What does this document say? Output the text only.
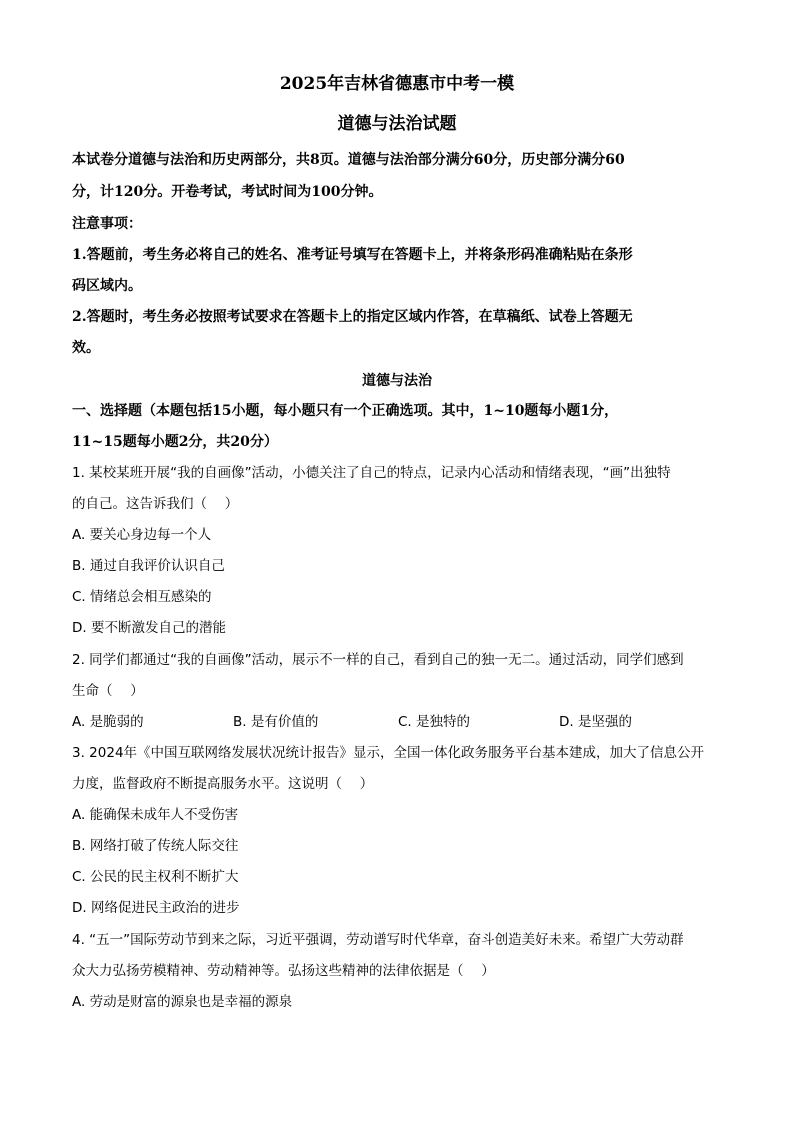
2025年吉林省德惠市中考一模
道德与法治试题
本试卷分道德与法治和历史两部分，共8页。道德与法治部分满分60分，历史部分满分60
分，计120分。开卷考试，考试时间为100分钟。
注意事项：
1.答题前，考生务必将自己的姓名、准考证号填写在答题卡上，并将条形码准确粘贴在条形
码区域内。
2.答题时，考生务必按照考试要求在答题卡上的指定区域内作答，在草稿纸、试卷上答题无
效。
道德与法治
一、选择题（本题包括15小题，每小题只有一个正确选项。其中，1~10题每小题1分，
11~15题每小题2分，共20分）
1. 某校某班开展“我的自画像”活动，小德关注了自己的特点，记录内心活动和情绪表现，“画”出独特
的自己。这告诉我们（　 ）
A. 要关心身边每一个人
B. 通过自我评价认识自己
C. 情绪总会相互感染的
D. 要不断激发自己的潜能
2. 同学们都通过“我的自画像”活动，展示不一样的自己，看到自己的独一无二。通过活动，同学们感到
生命（　 ）
A. 是脆弱的	B. 是有价值的	C. 是独特的	D. 是坚强的
3. 2024年《中国互联网络发展状况统计报告》显示，全国一体化政务服务平台基本建成，加大了信息公开
力度，监督政府不断提高服务水平。这说明（　 ）
A. 能确保未成年人不受伤害
B. 网络打破了传统人际交往
C. 公民的民主权利不断扩大
D. 网络促进民主政治的进步
4. “五一”国际劳动节到来之际，习近平强调，劳动谱写时代华章，奋斗创造美好未来。希望广大劳动群
众大力弘扬劳模精神、劳动精神等。弘扬这些精神的法律依据是（　 ）
A. 劳动是财富的源泉也是幸福的源泉
